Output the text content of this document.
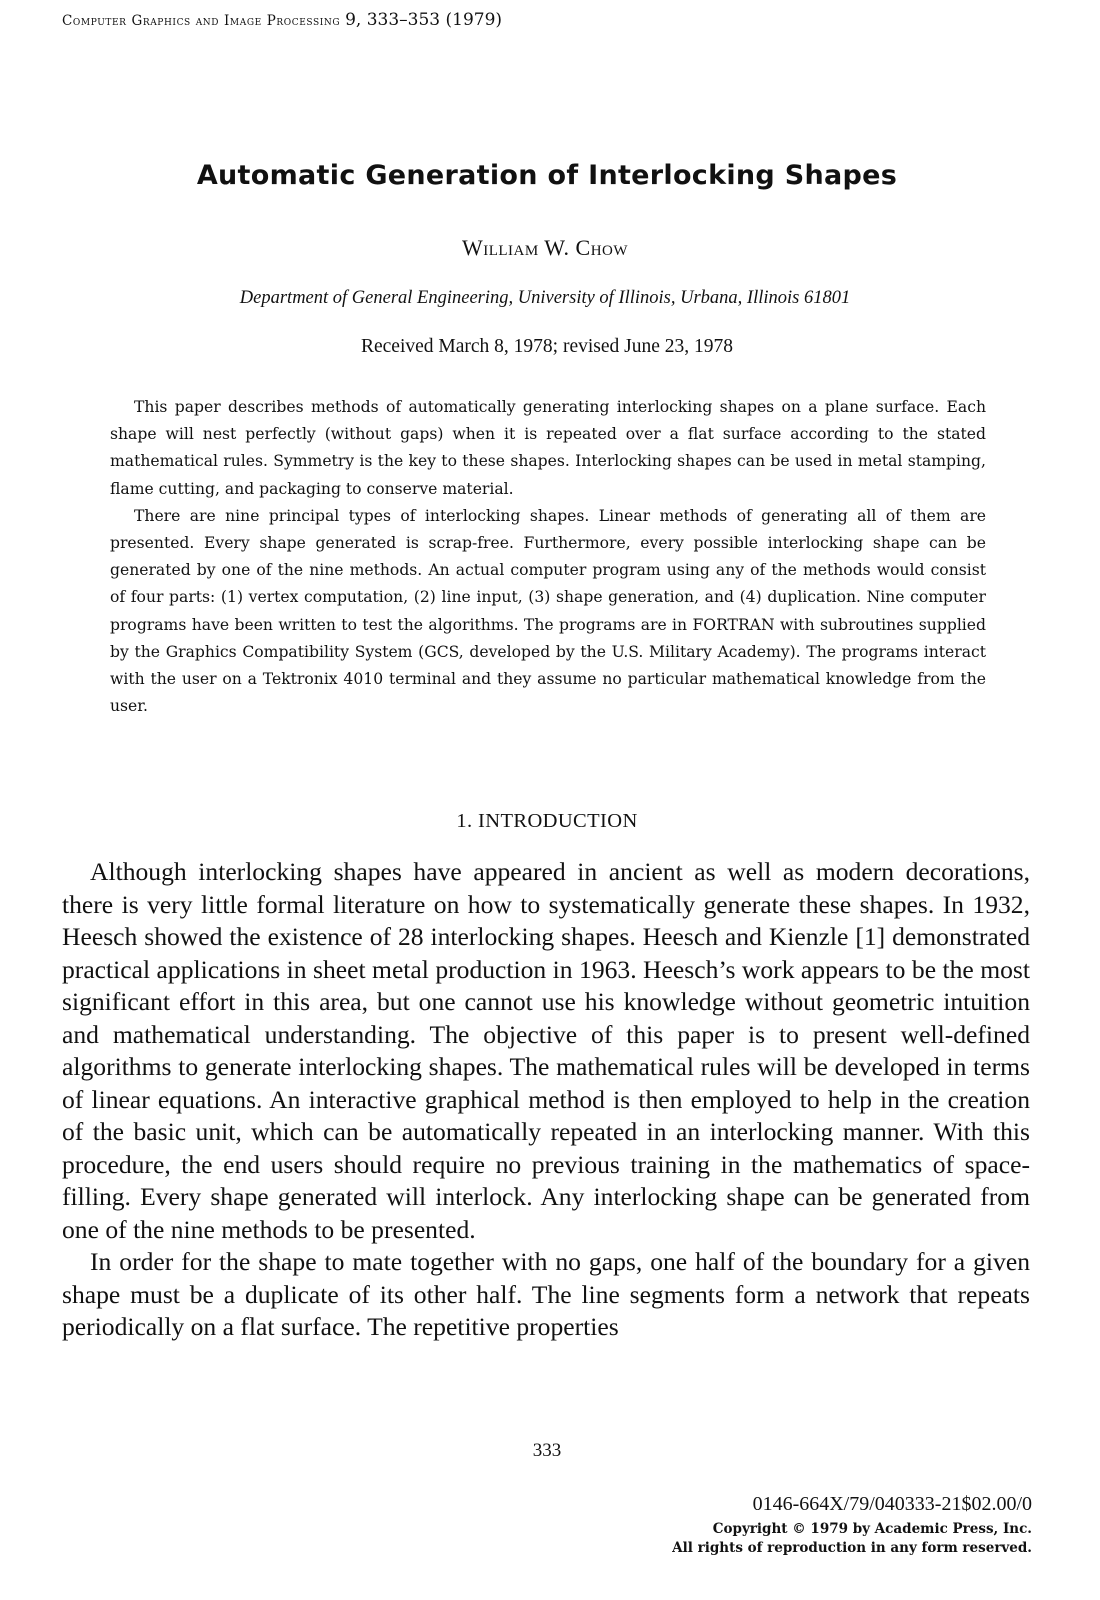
Computer Graphics and Image Processing 9, 333–353 (1979)
Automatic Generation of Interlocking Shapes
William W. Chow
Department of General Engineering, University of Illinois, Urbana, Illinois 61801
Received March 8, 1978; revised June 23, 1978

This paper describes methods of automatically generating interlocking shapes on a plane surface. Each shape will nest perfectly (without gaps) when it is repeated over a flat surface according to the stated mathematical rules. Symmetry is the key to these shapes. Interlocking shapes can be used in metal stamping, flame cutting, and packaging to conserve material.

There are nine principal types of interlocking shapes. Linear methods of generating all of them are presented. Every shape generated is scrap-free. Furthermore, every possible interlocking shape can be generated by one of the nine methods. An actual computer program using any of the methods would consist of four parts: (1) vertex computation, (2) line input, (3) shape generation, and (4) duplication. Nine computer programs have been written to test the algorithms. The programs are in FORTRAN with subroutines supplied by the Graphics Compatibility System (GCS, developed by the U.S. Military Academy). The programs interact with the user on a Tektronix 4010 terminal and they assume no particular mathematical knowledge from the user.

1. INTRODUCTION

Although interlocking shapes have appeared in ancient as well as modern decorations, there is very little formal literature on how to systematically generate these shapes. In 1932, Heesch showed the existence of 28 interlocking shapes. Heesch and Kienzle [1] demonstrated practical applications in sheet metal production in 1963. Heesch’s work appears to be the most significant effort in this area, but one cannot use his knowledge without geometric intuition and mathematical understanding. The objective of this paper is to present well-defined algorithms to generate interlocking shapes. The mathematical rules will be developed in terms of linear equations. An interactive graphical method is then employed to help in the creation of the basic unit, which can be automatically repeated in an interlocking manner. With this procedure, the end users should require no previous training in the mathematics of space-filling. Every shape generated will interlock. Any interlocking shape can be generated from one of the nine methods to be presented.

In order for the shape to mate together with no gaps, one half of the boundary for a given shape must be a duplicate of its other half. The line segments form a network that repeats periodically on a flat surface. The repetitive properties

333
0146-664X/79/040333-21$02.00/0
Copyright © 1979 by Academic Press, Inc.
All rights of reproduction in any form reserved.
